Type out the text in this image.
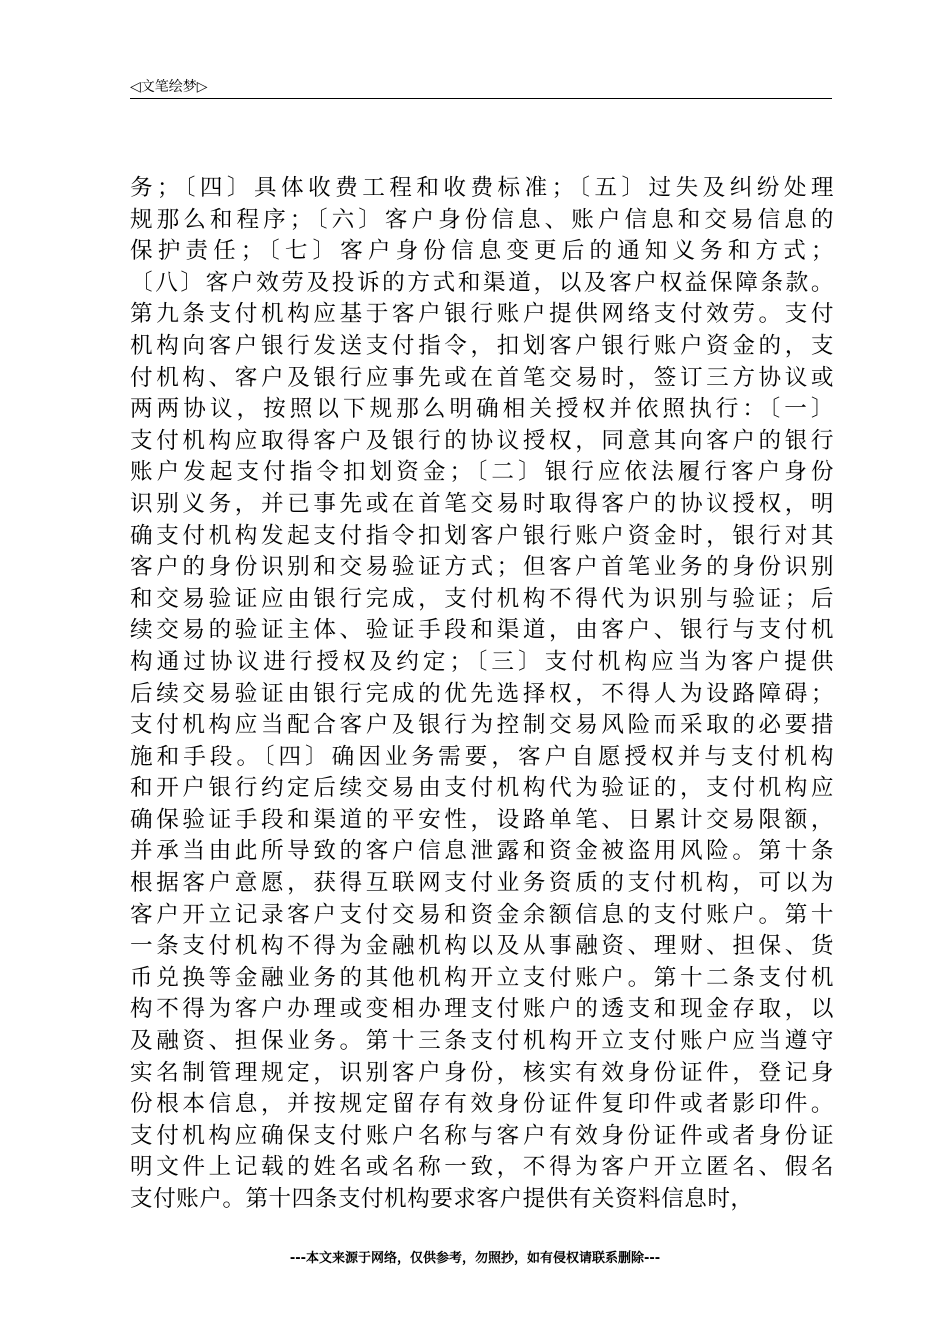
◁文笔绘梦▷
务；〔四〕具体收费工程和收费标准；〔五〕过失及纠纷处理
规那么和程序；〔六〕客户身份信息、账户信息和交易信息的
保护责任；〔七〕客户身份信息变更后的通知义务和方式；
〔八〕客户效劳及投诉的方式和渠道，以及客户权益保障条款。
第九条支付机构应基于客户银行账户提供网络支付效劳。支付
机构向客户银行发送支付指令，扣划客户银行账户资金的，支
付机构、客户及银行应事先或在首笔交易时，签订三方协议或
两两协议，按照以下规那么明确相关授权并依照执行：〔一〕
支付机构应取得客户及银行的协议授权，同意其向客户的银行
账户发起支付指令扣划资金；〔二〕银行应依法履行客户身份
识别义务，并已事先或在首笔交易时取得客户的协议授权，明
确支付机构发起支付指令扣划客户银行账户资金时，银行对其
客户的身份识别和交易验证方式；但客户首笔业务的身份识别
和交易验证应由银行完成，支付机构不得代为识别与验证；后
续交易的验证主体、验证手段和渠道，由客户、银行与支付机
构通过协议进行授权及约定；〔三〕支付机构应当为客户提供
后续交易验证由银行完成的优先选择权，不得人为设路障碍；
支付机构应当配合客户及银行为控制交易风险而采取的必要措
施和手段。〔四〕确因业务需要，客户自愿授权并与支付机构
和开户银行约定后续交易由支付机构代为验证的，支付机构应
确保验证手段和渠道的平安性，设路单笔、日累计交易限额，
并承当由此所导致的客户信息泄露和资金被盗用风险。第十条
根据客户意愿，获得互联网支付业务资质的支付机构，可以为
客户开立记录客户支付交易和资金余额信息的支付账户。第十
一条支付机构不得为金融机构以及从事融资、理财、担保、货
币兑换等金融业务的其他机构开立支付账户。第十二条支付机
构不得为客户办理或变相办理支付账户的透支和现金存取，以
及融资、担保业务。第十三条支付机构开立支付账户应当遵守
实名制管理规定，识别客户身份，核实有效身份证件，登记身
份根本信息，并按规定留存有效身份证件复印件或者影印件。
支付机构应确保支付账户名称与客户有效身份证件或者身份证
明文件上记载的姓名或名称一致，不得为客户开立匿名、假名
支付账户。第十四条支付机构要求客户提供有关资料信息时，
---本文来源于网络，仅供参考，勿照抄，如有侵权请联系删除---
